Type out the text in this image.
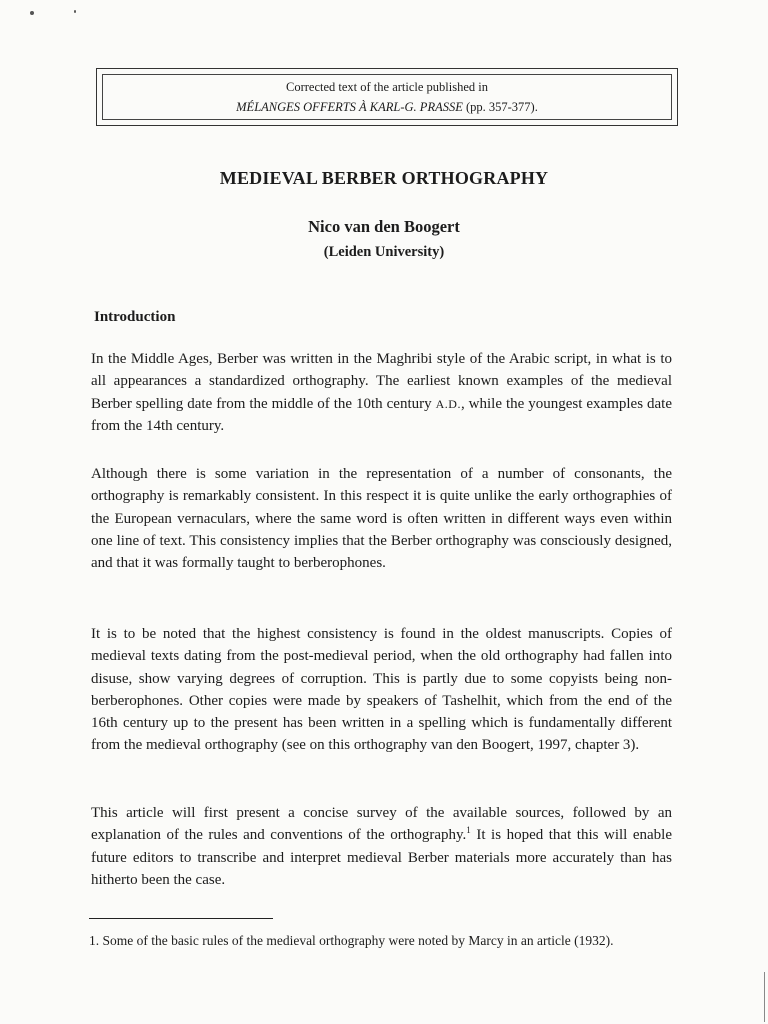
Corrected text of the article published in
MÉLANGES OFFERTS À KARL-G. PRASSE (pp. 357-377).
MEDIEVAL BERBER ORTHOGRAPHY
Nico van den Boogert
(Leiden University)
Introduction
In the Middle Ages, Berber was written in the Maghribi style of the Arabic script, in what is to all appearances a standardized orthography. The earliest known examples of the medieval Berber spelling date from the middle of the 10th century A.D., while the youngest examples date from the 14th century.
Although there is some variation in the representation of a number of consonants, the orthography is remarkably consistent. In this respect it is quite unlike the early orthographies of the European vernaculars, where the same word is often written in different ways even within one line of text. This consistency implies that the Berber orthography was consciously designed, and that it was formally taught to berberophones.
It is to be noted that the highest consistency is found in the oldest manuscripts. Copies of medieval texts dating from the post-medieval period, when the old orthography had fallen into disuse, show varying degrees of corruption. This is partly due to some copyists being non-berberophones. Other copies were made by speakers of Tashelhit, which from the end of the 16th century up to the present has been written in a spelling which is fundamentally different from the medieval orthography (see on this orthography van den Boogert, 1997, chapter 3).
This article will first present a concise survey of the available sources, followed by an explanation of the rules and conventions of the orthography.$^1$ It is hoped that this will enable future editors to transcribe and interpret medieval Berber materials more accurately than has hitherto been the case.
1. Some of the basic rules of the medieval orthography were noted by Marcy in an article (1932).
